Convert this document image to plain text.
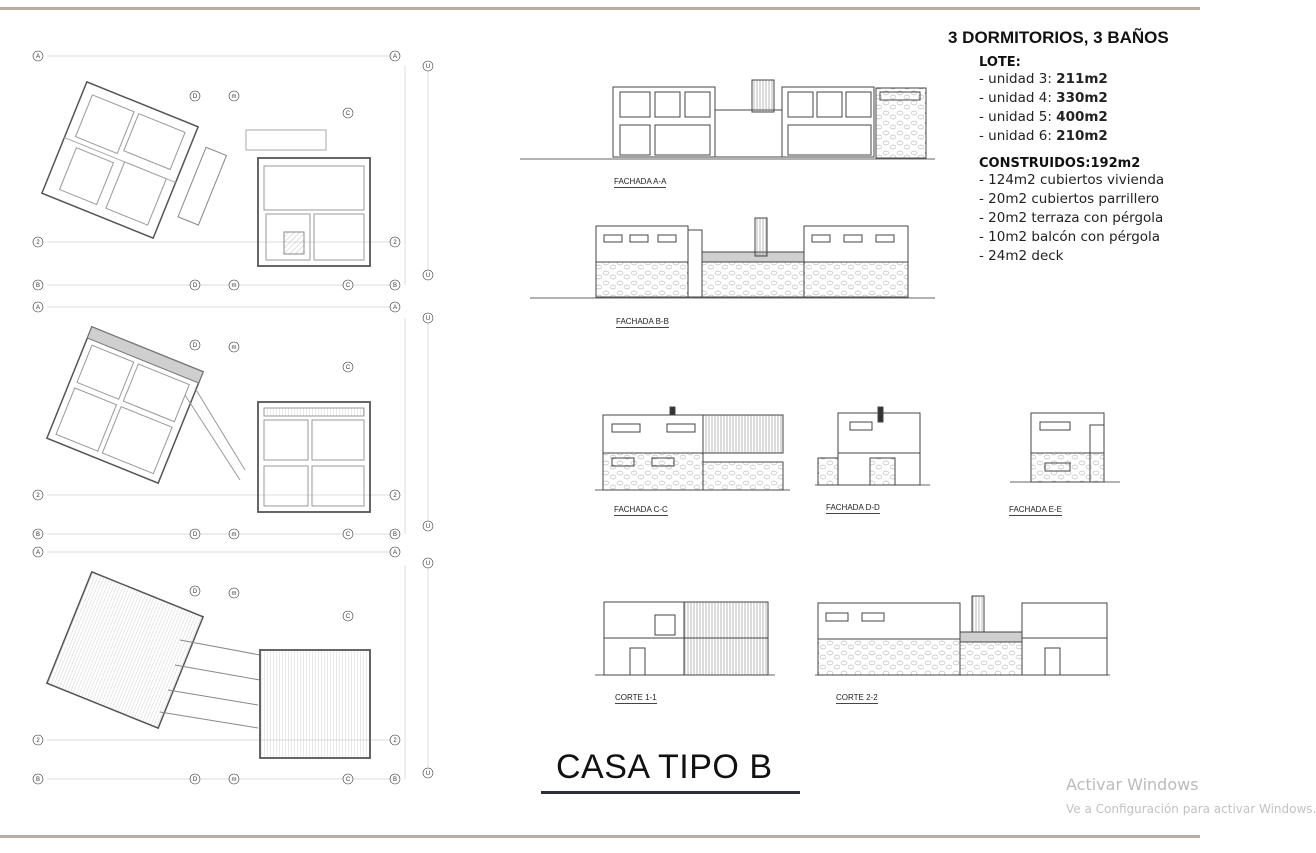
A	A
U
D	m
C
2	2
U
B	D	m	C	B
A	A
U
D	m
C
2	2
U
B	D	m	C	B
A	A
U
D	m
C
2	2
U
B	D	m	C	B
FACHADA A-A
FACHADA B-B
FACHADA C-C	FACHADA D-D	FACHADA E-E
CORTE 1-1	CORTE 2-2
3 DORMITORIOS, 3 BAÑOS
LOTE:
- unidad 3: 211m2
- unidad 4: 330m2
- unidad 5: 400m2
- unidad 6: 210m2
CONSTRUIDOS:192m2
- 124m2 cubiertos vivienda
- 20m2 cubiertos parrillero
- 20m2 terraza con pérgola
- 10m2 balcón con pérgola
- 24m2 deck
CASA TIPO B	Activar Windows
Ve a Configuración para activar Windows.
